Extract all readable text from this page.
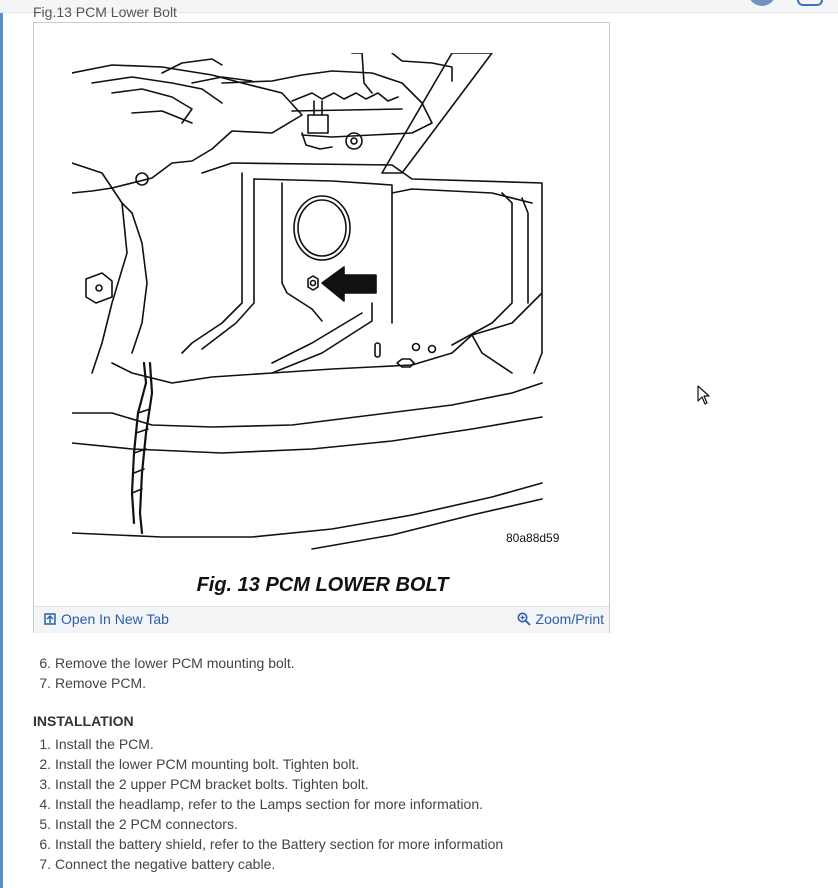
Fig.13 PCM Lower Bolt
80a88d59
Fig. 13 PCM LOWER BOLT
Open In New Tab	Zoom/Print
6. Remove the lower PCM mounting bolt.
7. Remove PCM.
INSTALLATION
1. Install the PCM.
2. Install the lower PCM mounting bolt. Tighten bolt.
3. Install the 2 upper PCM bracket bolts. Tighten bolt.
4. Install the headlamp, refer to the Lamps section for more information.
5. Install the 2 PCM connectors.
6. Install the battery shield, refer to the Battery section for more information
7. Connect the negative battery cable.
